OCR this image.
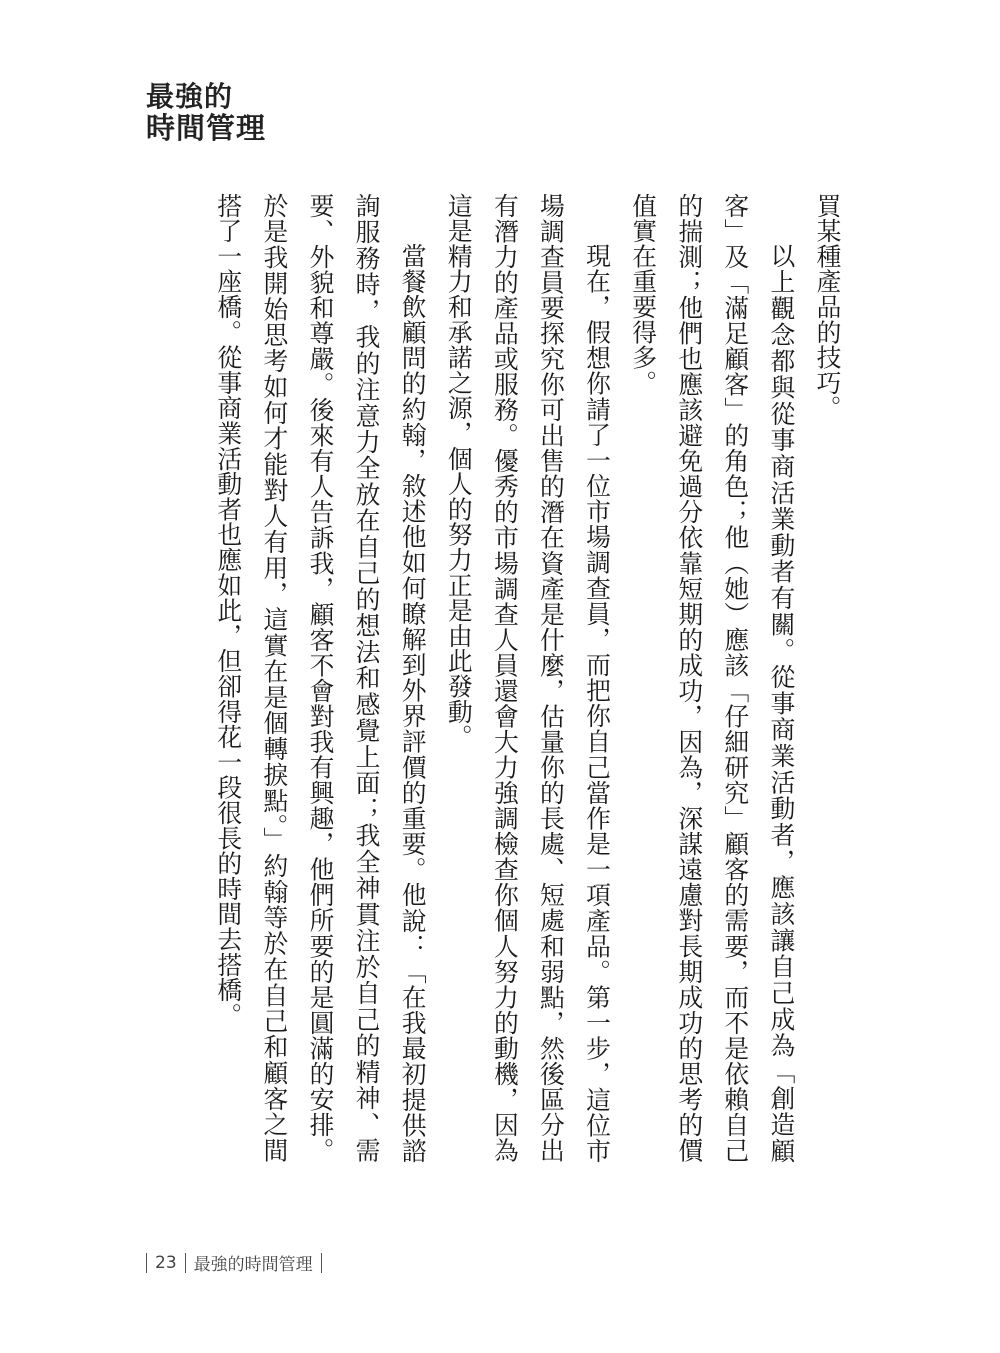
最強的
時間管理

買某種產品的技巧。

以上觀念都與從事商活業動者有關。從事商業活動者，應該讓自己成為「創造顧客」及「滿足顧客」的角色；他（她）應該「仔細研究」顧客的需要，而不是依賴自己的揣測；他們也應該避免過分依靠短期的成功，因為，深謀遠慮對長期成功的思考的價值實在重要得多。

現在，假想你請了一位市場調查員，而把你自己當作是一項產品。第一步，這位市場調查員要探究你可出售的潛在資產是什麼，估量你的長處、短處和弱點，然後區分出有潛力的產品或服務。優秀的市場調查人員還會大力強調檢查你個人努力的動機，因為這是精力和承諾之源，個人的努力正是由此發動。

當餐飲顧問的約翰，敘述他如何瞭解到外界評價的重要。他說：「在我最初提供諮詢服務時，我的注意力全放在自己的想法和感覺上面；我全神貫注於自己的精神、需要、外貌和尊嚴。後來有人告訴我，顧客不會對我有興趣，他們所要的是圓滿的安排。於是我開始思考如何才能對人有用，這實在是個轉捩點。」約翰等於在自己和顧客之間搭了一座橋。從事商業活動者也應如此，但卻得花一段很長的時間去搭橋。

23 最強的時間管理
